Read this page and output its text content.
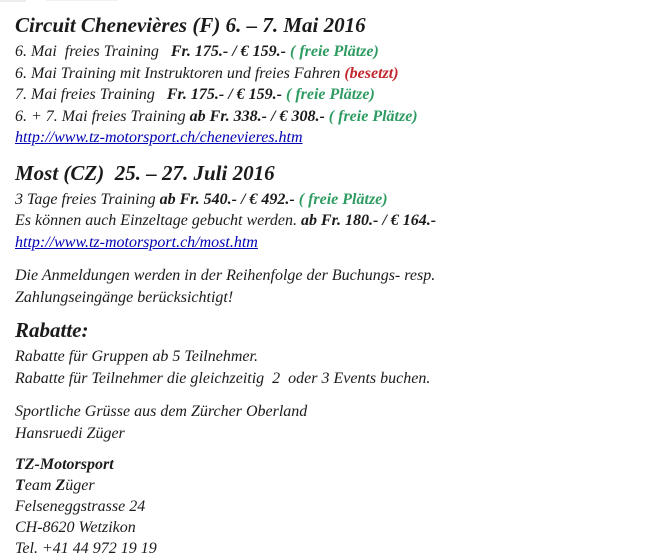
Circuit Chenevières (F) 6. – 7. Mai 2016
6. Mai  freies Training   Fr. 175.- / € 159.- ( freie Plätze)
6. Mai Training mit Instruktoren und freies Fahren (besetzt)
7. Mai freies Training   Fr. 175.- / € 159.- ( freie Plätze)
6. + 7. Mai freies Training ab Fr. 338.- / € 308.- ( freie Plätze)
http://www.tz-motorsport.ch/chenevieres.htm
Most (CZ)  25. – 27. Juli 2016
3 Tage freies Training ab Fr. 540.- / € 492.- ( freie Plätze)
Es können auch Einzeltage gebucht werden. ab Fr. 180.- / € 164.-
http://www.tz-motorsport.ch/most.htm
Die Anmeldungen werden in der Reihenfolge der Buchungs- resp.
Zahlungseingänge berücksichtigt!
Rabatte:
Rabatte für Gruppen ab 5 Teilnehmer.
Rabatte für Teilnehmer die gleichzeitig  2  oder 3 Events buchen.
Sportliche Grüsse aus dem Zürcher Oberland
Hansruedi Züger
TZ-Motorsport
Team Züger
Felseneggstrasse 24
CH-8620 Wetzikon
Tel. +41 44 972 19 19
